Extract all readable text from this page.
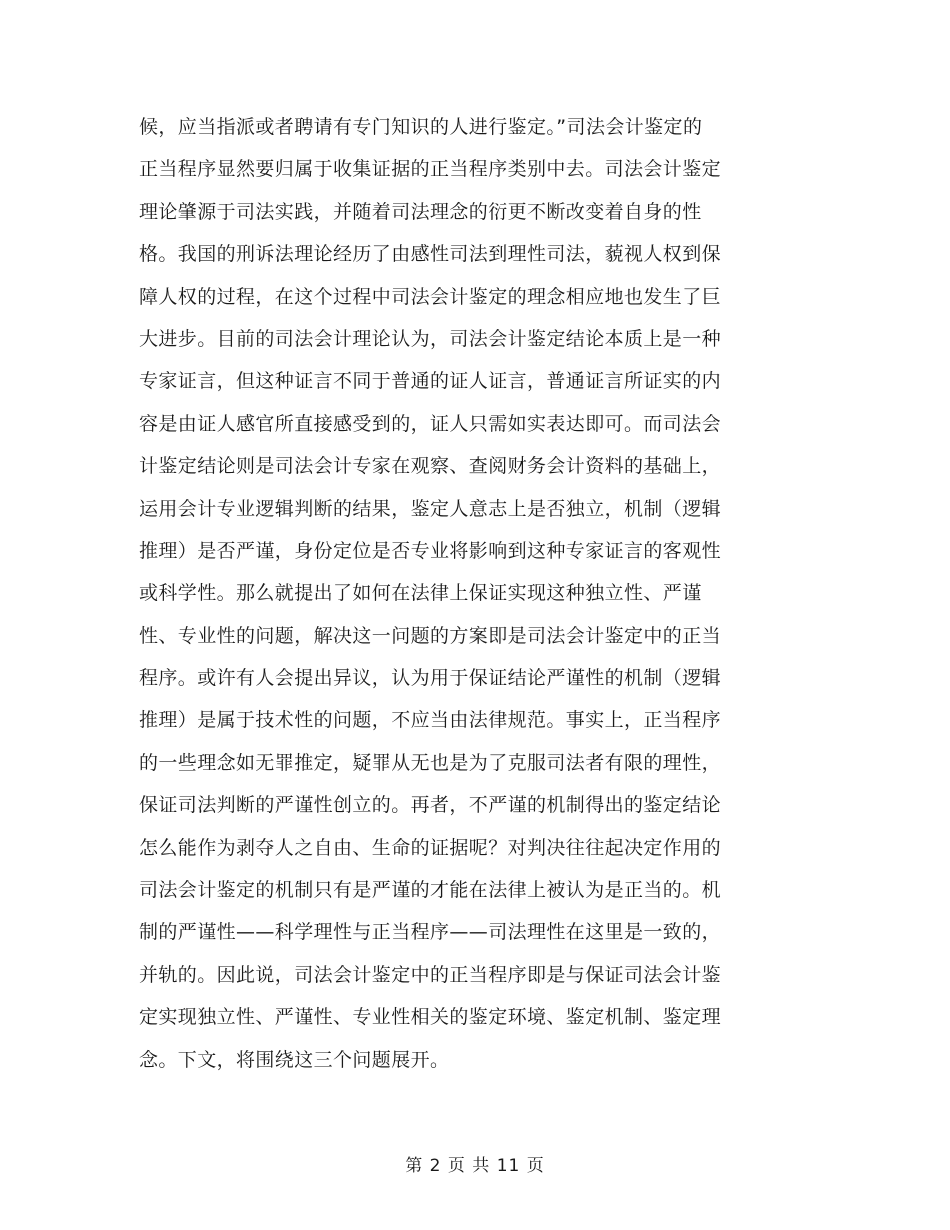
候，应当指派或者聘请有专门知识的人进行鉴定。”司法会计鉴定的
正当程序显然要归属于收集证据的正当程序类别中去。司法会计鉴定
理论肇源于司法实践，并随着司法理念的衍更不断改变着自身的性
格。我国的刑诉法理论经历了由感性司法到理性司法，藐视人权到保
障人权的过程，在这个过程中司法会计鉴定的理念相应地也发生了巨
大进步。目前的司法会计理论认为，司法会计鉴定结论本质上是一种
专家证言，但这种证言不同于普通的证人证言，普通证言所证实的内
容是由证人感官所直接感受到的，证人只需如实表达即可。而司法会
计鉴定结论则是司法会计专家在观察、查阅财务会计资料的基础上，
运用会计专业逻辑判断的结果，鉴定人意志上是否独立，机制（逻辑
推理）是否严谨，身份定位是否专业将影响到这种专家证言的客观性
或科学性。那么就提出了如何在法律上保证实现这种独立性、严谨
性、专业性的问题，解决这一问题的方案即是司法会计鉴定中的正当
程序。或许有人会提出异议，认为用于保证结论严谨性的机制（逻辑
推理）是属于技术性的问题，不应当由法律规范。事实上，正当程序
的一些理念如无罪推定，疑罪从无也是为了克服司法者有限的理性，
保证司法判断的严谨性创立的。再者，不严谨的机制得出的鉴定结论
怎么能作为剥夺人之自由、生命的证据呢？对判决往往起决定作用的
司法会计鉴定的机制只有是严谨的才能在法律上被认为是正当的。机
制的严谨性——科学理性与正当程序——司法理性在这里是一致的，
并轨的。因此说，司法会计鉴定中的正当程序即是与保证司法会计鉴
定实现独立性、严谨性、专业性相关的鉴定环境、鉴定机制、鉴定理
念。下文，将围绕这三个问题展开。
第 2 页 共 11 页
